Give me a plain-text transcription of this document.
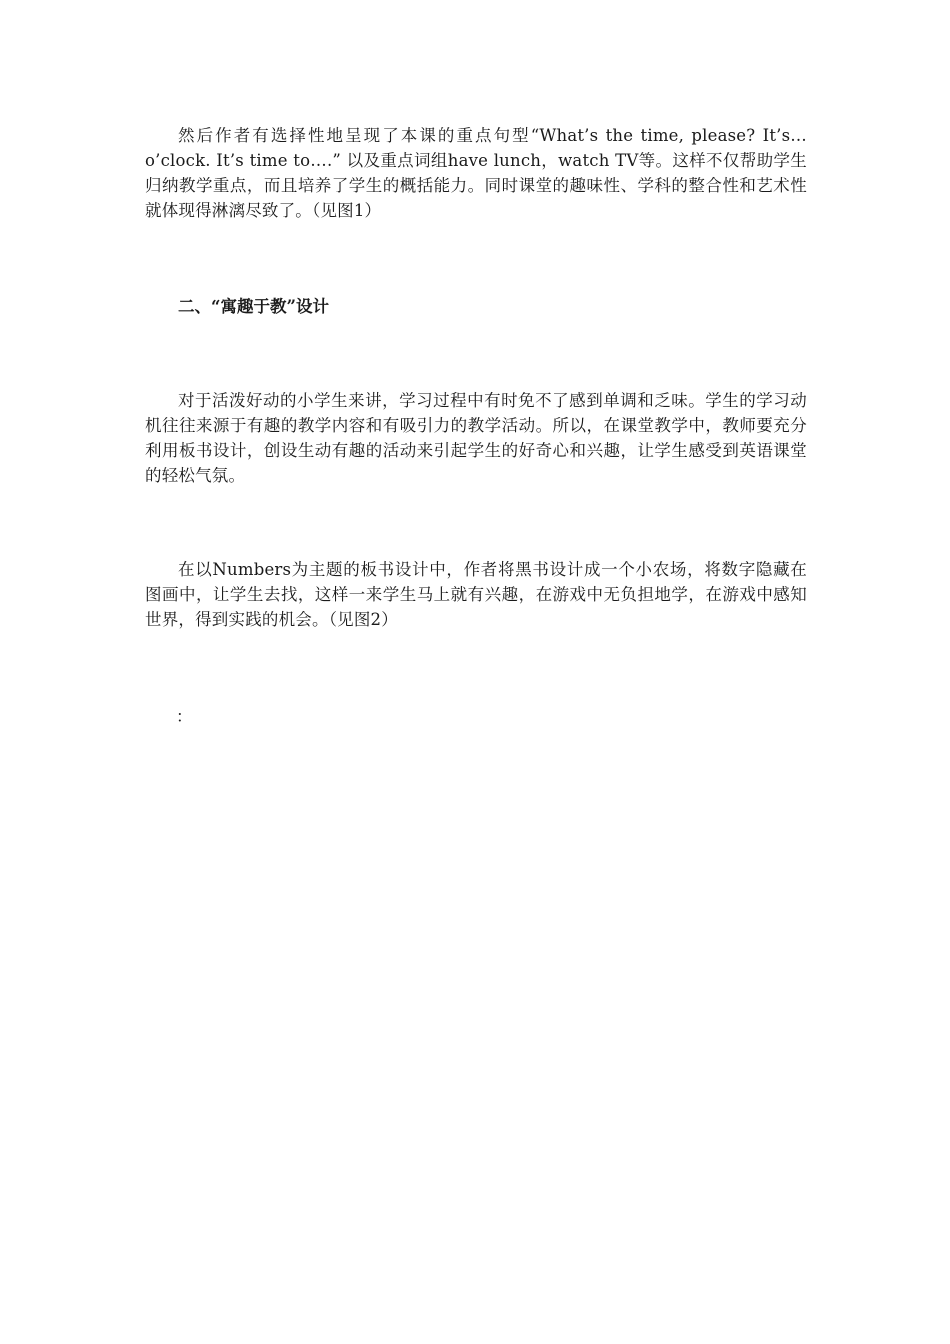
然后作者有选择性地呈现了本课的重点句型“What’s the time, please? It’s… o’clock. It’s time to….” 以及重点词组have lunch，watch TV等。这样不仅帮助学生归纳教学重点，而且培养了学生的概括能力。同时课堂的趣味性、学科的整合性和艺术性就体现得淋漓尽致了。（见图1）

二、“寓趣于教”设计

对于活泼好动的小学生来讲，学习过程中有时免不了感到单调和乏味。学生的学习动机往往来源于有趣的教学内容和有吸引力的教学活动。所以，在课堂教学中，教师要充分利用板书设计，创设生动有趣的活动来引起学生的好奇心和兴趣，让学生感受到英语课堂的轻松气氛。

在以Numbers为主题的板书设计中，作者将黑书设计成一个小农场，将数字隐藏在图画中，让学生去找，这样一来学生马上就有兴趣，在游戏中无负担地学，在游戏中感知世界，得到实践的机会。（见图2）

：
